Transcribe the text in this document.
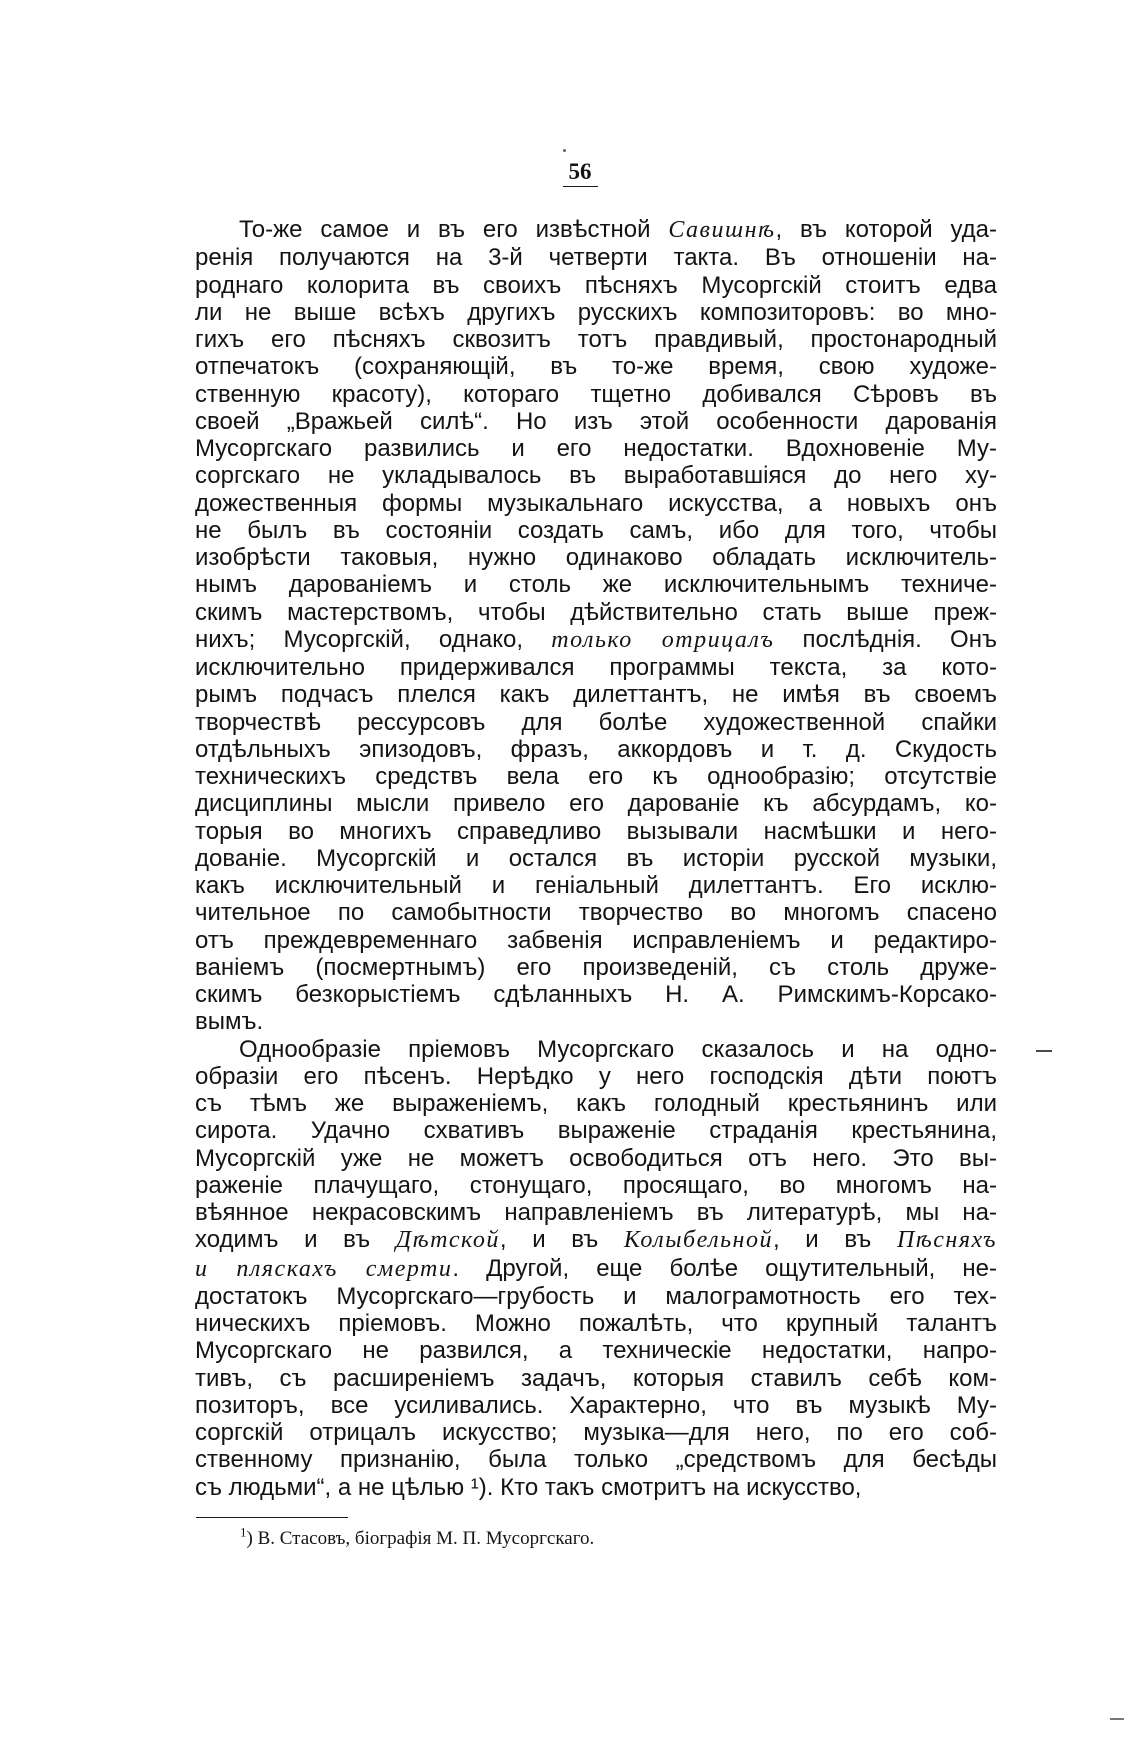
56
То-же самое и въ его извѣстной Савишнѣ, въ которой уда-
ренія получаются на 3-й четверти такта. Въ отношеніи на-
роднаго колорита въ своихъ пѣсняхъ Мусоргскій стоитъ едва
ли не выше всѣхъ другихъ русскихъ композиторовъ: во мно-
гихъ его пѣсняхъ сквозитъ тотъ правдивый, простонародный
отпечатокъ (сохраняющій, въ то-же время, свою художе-
ственную красоту), котораго тщетно добивался Сѣровъ въ
своей „Вражьей силѣ“. Но изъ этой особенности дарованія
Мусоргскаго развились и его недостатки. Вдохновеніе Му-
соргскаго не укладывалось въ выработавшіяся до него ху-
дожественныя формы музыкальнаго искусства, а новыхъ онъ
не былъ въ состояніи создать самъ, ибо для того, чтобы
изобрѣсти таковыя, нужно одинаково обладать исключитель-
нымъ дарованіемъ и столь же исключительнымъ техниче-
скимъ мастерствомъ, чтобы дѣйствительно стать выше преж-
нихъ; Мусоргскій, однако, только отрицалъ послѣднія. Онъ
исключительно придерживался программы текста, за кото-
рымъ подчасъ плелся какъ дилеттантъ, не имѣя въ своемъ
творчествѣ рессурсовъ для болѣе художественной спайки
отдѣльныхъ эпизодовъ, фразъ, аккордовъ и т. д. Скудость
техническихъ средствъ вела его къ однообразію; отсутствіе
дисциплины мысли привело его дарованіе къ абсурдамъ, ко-
торыя во многихъ справедливо вызывали насмѣшки и него-
дованіе. Мусоргскій и остался въ исторіи русской музыки,
какъ исключительный и геніальный дилеттантъ. Его исклю-
чительное по самобытности творчество во многомъ спасено
отъ преждевременнаго забвенія исправленіемъ и редактиро-
ваніемъ (посмертнымъ) его произведеній, съ столь друже-
скимъ безкорыстіемъ сдѣланныхъ Н. А. Римскимъ-Корсако-
вымъ.
Однообразіе пріемовъ Мусоргскаго сказалось и на одно-
образіи его пѣсенъ. Нерѣдко у него господскія дѣти поютъ
съ тѣмъ же выраженіемъ, какъ голодный крестьянинъ или
сирота. Удачно схвативъ выраженіе страданія крестьянина,
Мусоргскій уже не можетъ освободиться отъ него. Это вы-
раженіе плачущаго, стонущаго, просящаго, во многомъ на-
вѣянное некрасовскимъ направленіемъ въ литературѣ, мы на-
ходимъ и въ Дѣтской, и въ Колыбельной, и въ Пѣсняхъ
и пляскахъ смерти. Другой, еще болѣе ощутительный, не-
достатокъ Мусоргскаго—грубость и малограмотность его тех-
ническихъ пріемовъ. Можно пожалѣть, что крупный талантъ
Мусоргскаго не развился, а техническіе недостатки, напро-
тивъ, съ расширеніемъ задачъ, которыя ставилъ себѣ ком-
позиторъ, все усиливались. Характерно, что въ музыкѣ Му-
соргскій отрицалъ искусство; музыка—для него, по его соб-
ственному признанію, была только „средствомъ для бесѣды
съ людьми“, а не цѣлью ¹). Кто такъ смотритъ на искусство,
$^1$) В. Стасовъ, біографія М. П. Мусоргскаго.
